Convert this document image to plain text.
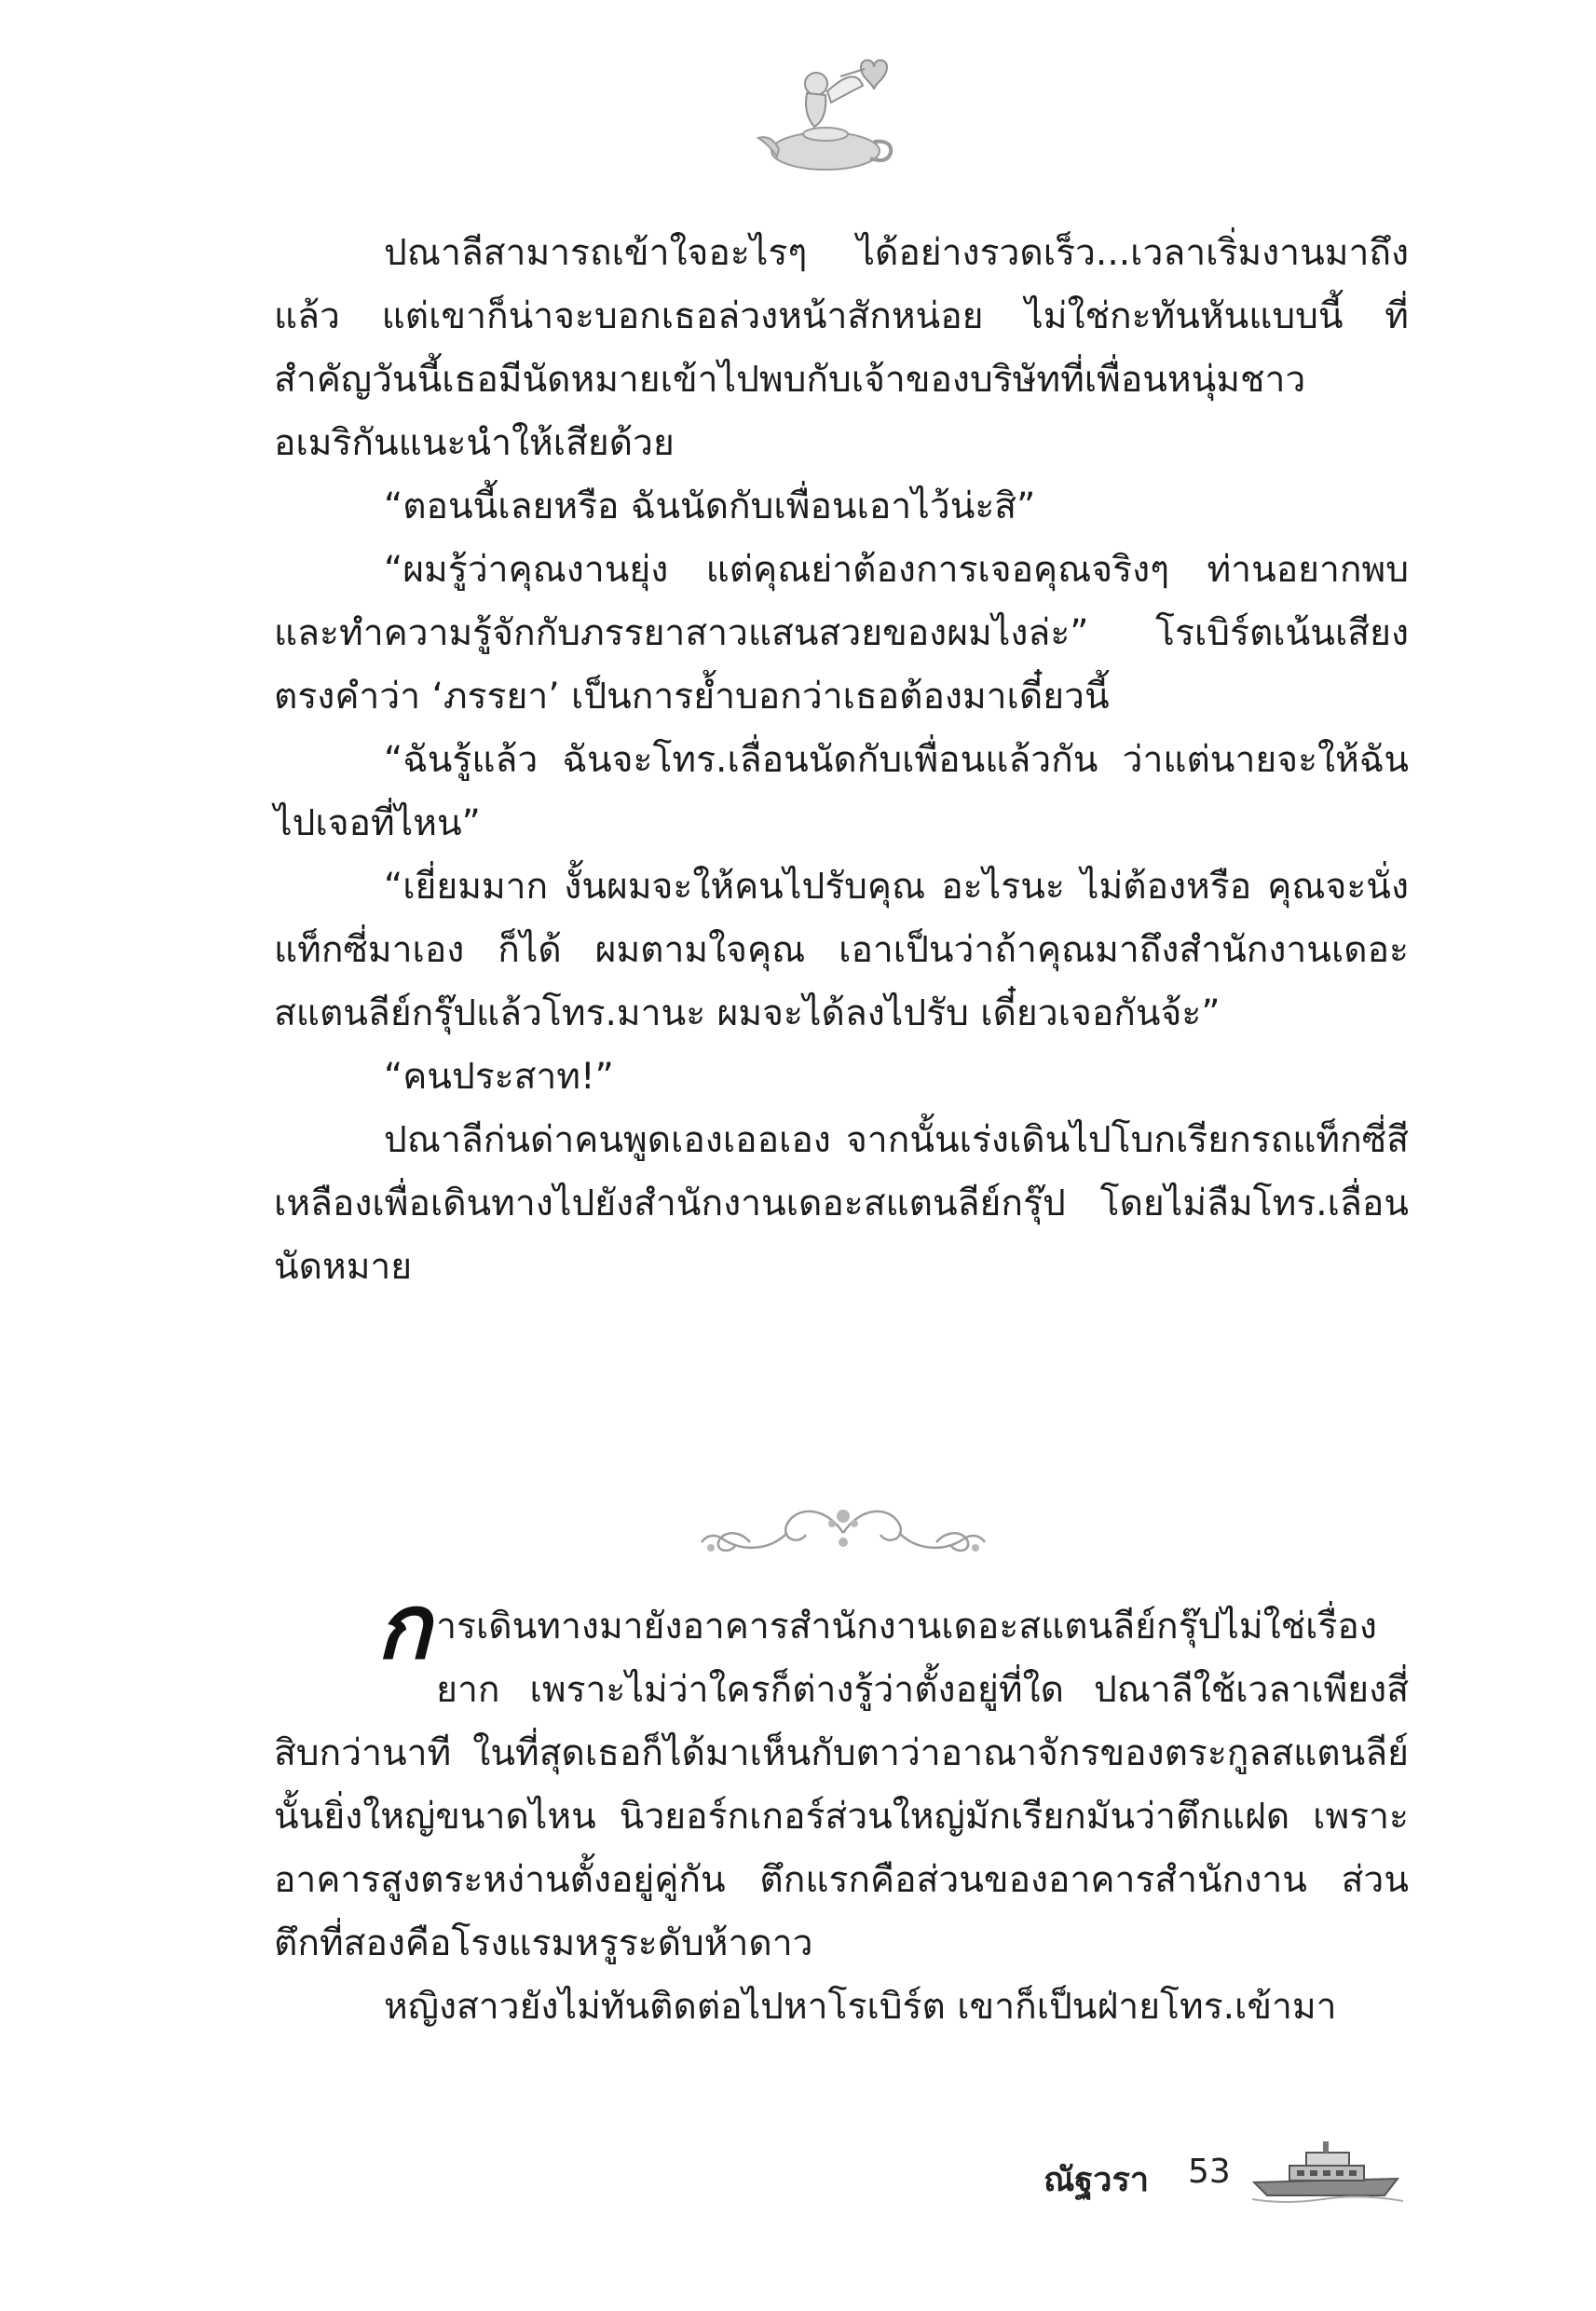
ปณาลีสามารถเข้าใจอะไรๆ ได้อย่างรวดเร็ว...เวลาเริ่มงานมาถึงแล้ว แต่เขาก็น่าจะบอกเธอล่วงหน้าสักหน่อย ไม่ใช่กะทันหันแบบนี้ ที่สำคัญวันนี้เธอมีนัดหมายเข้าไปพบกับเจ้าของบริษัทที่เพื่อนหนุ่มชาวอเมริกันแนะนำให้เสียด้วย

“ตอนนี้เลยหรือ ฉันนัดกับเพื่อนเอาไว้น่ะสิ”

“ผมรู้ว่าคุณงานยุ่ง แต่คุณย่าต้องการเจอคุณจริงๆ ท่านอยากพบและทำความรู้จักกับภรรยาสาวแสนสวยของผมไงล่ะ” โรเบิร์ตเน้นเสียงตรงคำว่า ‘ภรรยา’ เป็นการย้ำบอกว่าเธอต้องมาเดี๋ยวนี้

“ฉันรู้แล้ว ฉันจะโทร.เลื่อนนัดกับเพื่อนแล้วกัน ว่าแต่นายจะให้ฉันไปเจอที่ไหน”

“เยี่ยมมาก งั้นผมจะให้คนไปรับคุณ อะไรนะ ไม่ต้องหรือ คุณจะนั่งแท็กซี่มาเอง ก็ได้ ผมตามใจคุณ เอาเป็นว่าถ้าคุณมาถึงสำนักงานเดอะสแตนลีย์กรุ๊ปแล้วโทร.มานะ ผมจะได้ลงไปรับ เดี๋ยวเจอกันจ้ะ”

“คนประสาท!”

ปณาลีก่นด่าคนพูดเองเออเอง จากนั้นเร่งเดินไปโบกเรียกรถแท็กซี่สีเหลืองเพื่อเดินทางไปยังสำนักงานเดอะสแตนลีย์กรุ๊ป โดยไม่ลืมโทร.เลื่อนนัดหมาย

การเดินทางมายังอาคารสำนักงานเดอะสแตนลีย์กรุ๊ปไม่ใช่เรื่องยาก เพราะไม่ว่าใครก็ต่างรู้ว่าตั้งอยู่ที่ใด ปณาลีใช้เวลาเพียงสี่สิบกว่านาที ในที่สุดเธอก็ได้มาเห็นกับตาว่าอาณาจักรของตระกูลสแตนลีย์นั้นยิ่งใหญ่ขนาดไหน นิวยอร์กเกอร์ส่วนใหญ่มักเรียกมันว่าตึกแฝด เพราะอาคารสูงตระหง่านตั้งอยู่คู่กัน ตึกแรกคือส่วนของอาคารสำนักงาน ส่วนตึกที่สองคือโรงแรมหรูระดับห้าดาว

หญิงสาวยังไม่ทันติดต่อไปหาโรเบิร์ต เขาก็เป็นฝ่ายโทร.เข้ามา

ณัฐวรา 53
